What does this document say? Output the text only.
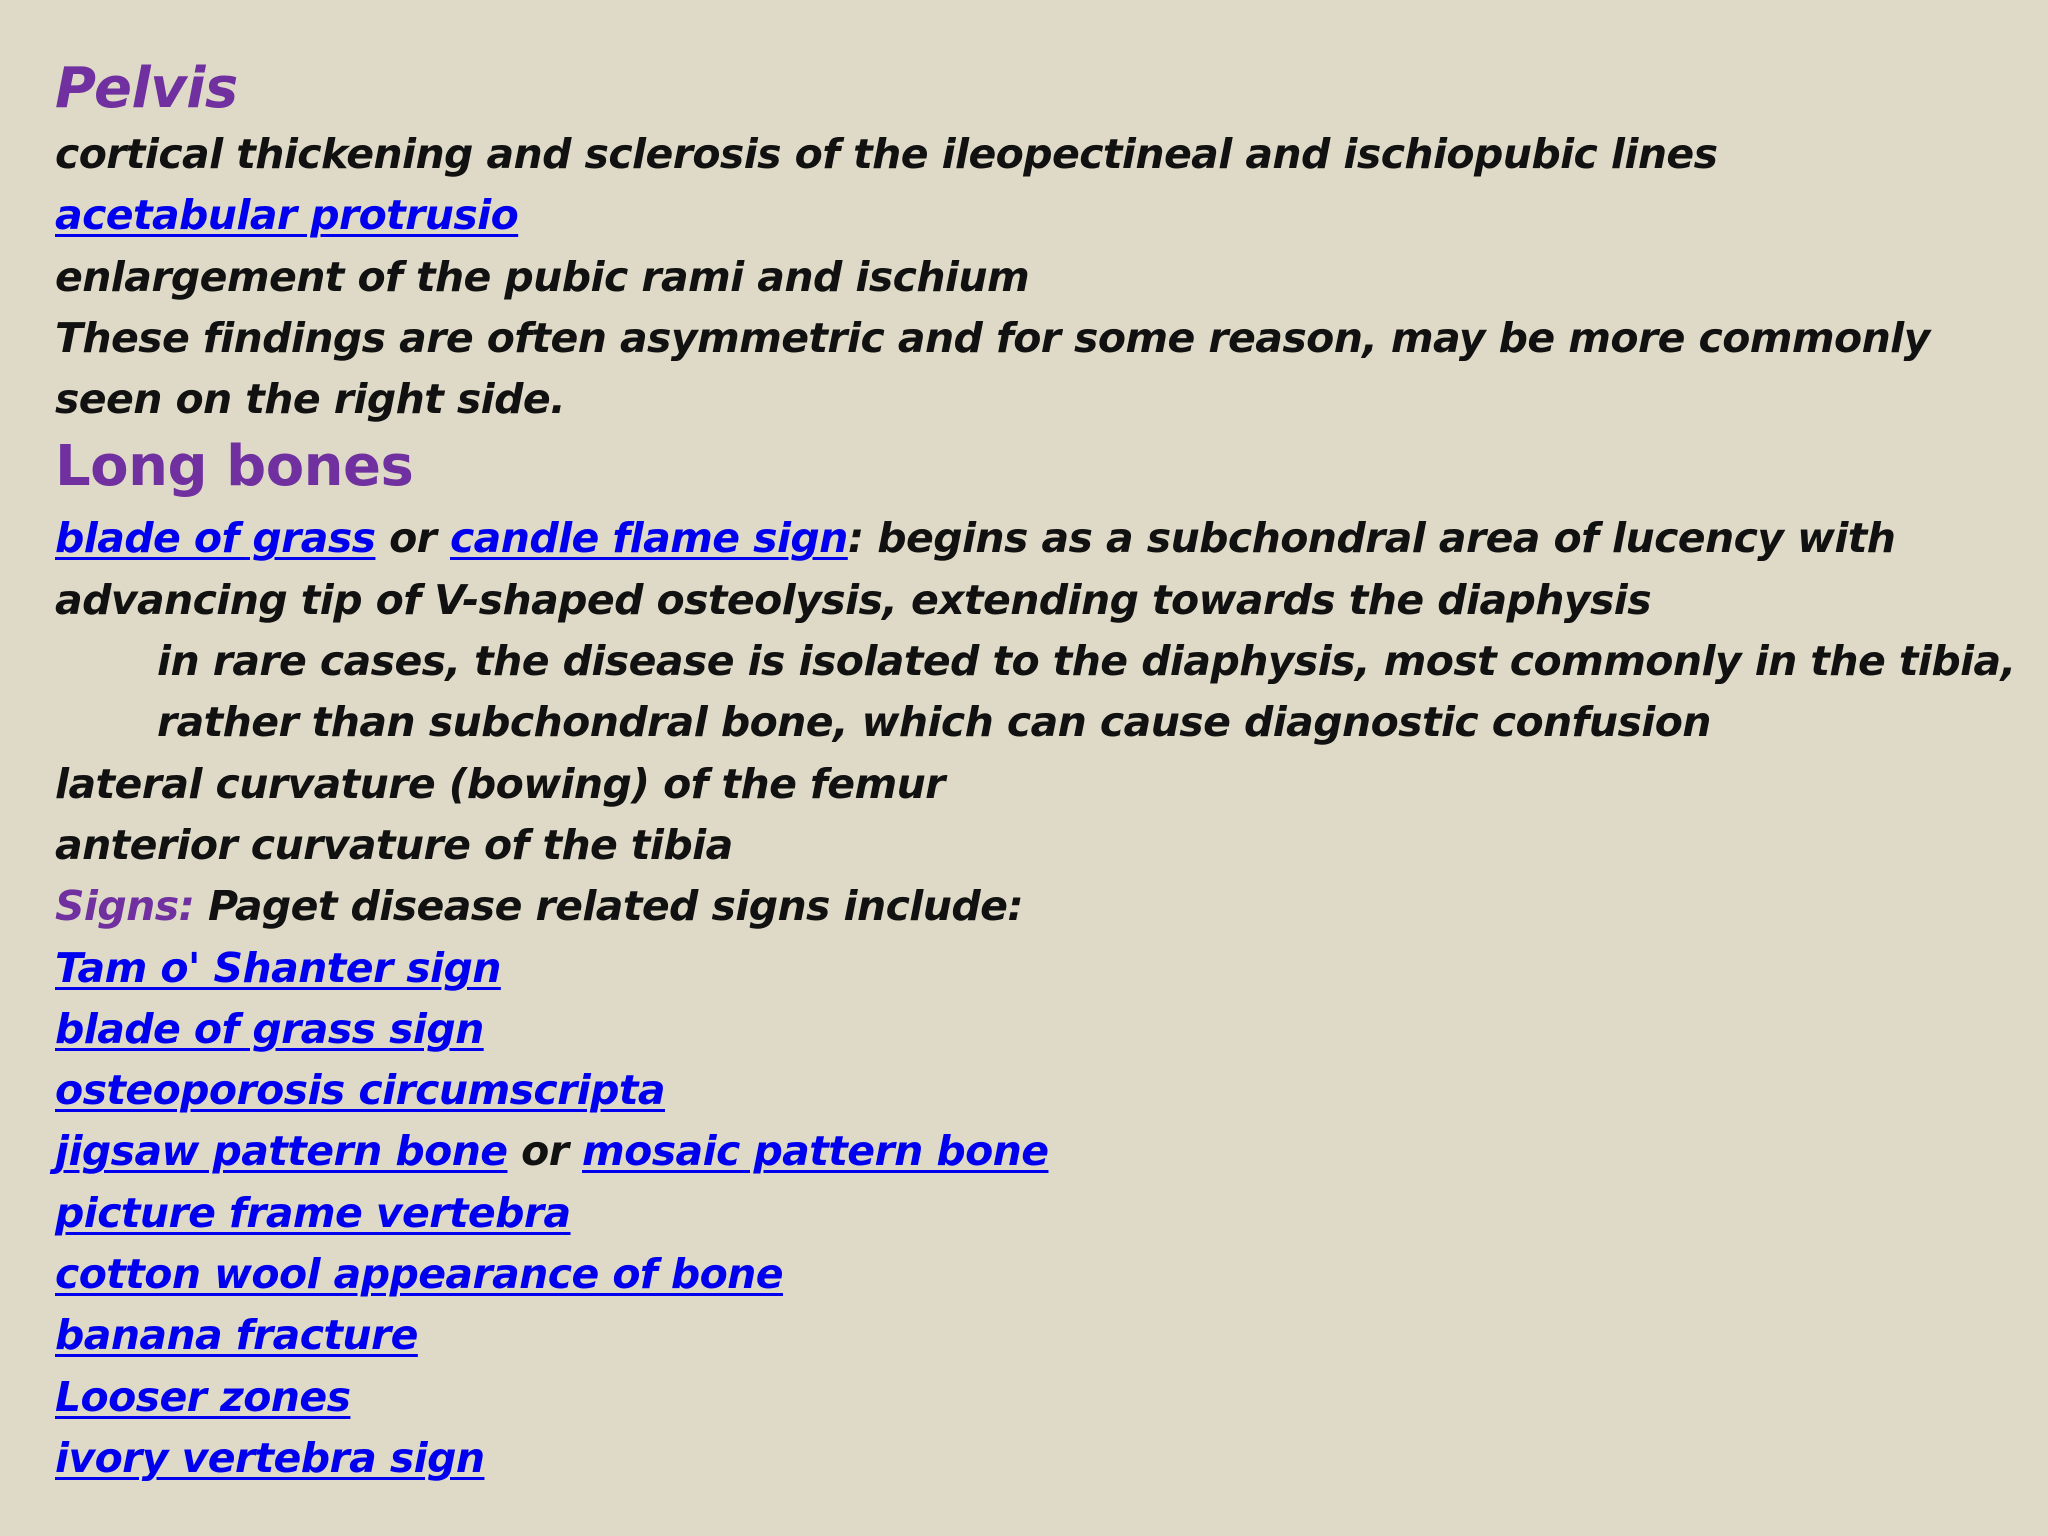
Pelvis
cortical thickening and sclerosis of the ileopectineal and ischiopubic lines
acetabular protrusio
enlargement of the pubic rami and ischium
These findings are often asymmetric and for some reason, may be more commonly seen on the right side.
Long bones
blade of grass or candle flame sign: begins as a subchondral area of lucency with advancing tip of V-shaped osteolysis, extending towards the diaphysis
in rare cases, the disease is isolated to the diaphysis, most commonly in the tibia,
rather than subchondral bone, which can cause diagnostic confusion
lateral curvature (bowing) of the femur
anterior curvature of the tibia
Signs: Paget disease related signs include:
Tam o' Shanter sign
blade of grass sign
osteoporosis circumscripta
jigsaw pattern bone or mosaic pattern bone
picture frame vertebra
cotton wool appearance of bone
banana fracture
Looser zones
ivory vertebra sign
